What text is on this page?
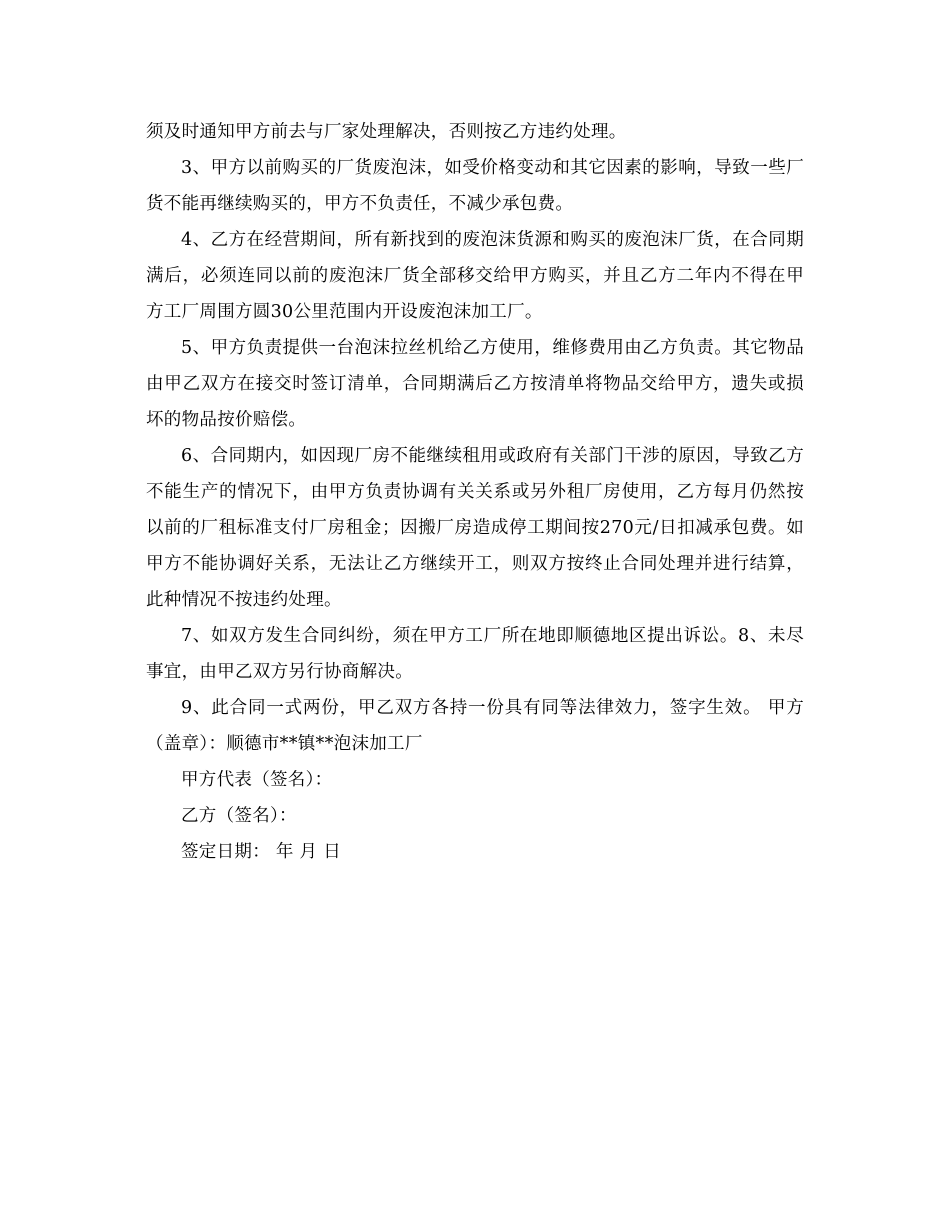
须及时通知甲方前去与厂家处理解决，否则按乙方违约处理。

3、甲方以前购买的厂货废泡沫，如受价格变动和其它因素的影响，导致一些厂货不能再继续购买的，甲方不负责任，不减少承包费。

4、乙方在经营期间，所有新找到的废泡沫货源和购买的废泡沫厂货，在合同期满后，必须连同以前的废泡沫厂货全部移交给甲方购买，并且乙方二年内不得在甲方工厂周围方圆30公里范围内开设废泡沫加工厂。

5、甲方负责提供一台泡沫拉丝机给乙方使用，维修费用由乙方负责。其它物品由甲乙双方在接交时签订清单，合同期满后乙方按清单将物品交给甲方，遗失或损坏的物品按价赔偿。

6、合同期内，如因现厂房不能继续租用或政府有关部门干涉的原因，导致乙方不能生产的情况下，由甲方负责协调有关关系或另外租厂房使用，乙方每月仍然按以前的厂租标准支付厂房租金；因搬厂房造成停工期间按270元/日扣减承包费。如甲方不能协调好关系，无法让乙方继续开工，则双方按终止合同处理并进行结算，此种情况不按违约处理。

7、如双方发生合同纠纷，须在甲方工厂所在地即顺德地区提出诉讼。8、未尽事宜，由甲乙双方另行协商解决。

9、此合同一式两份，甲乙双方各持一份具有同等法律效力，签字生效。 甲方（盖章）：顺德市**镇**泡沫加工厂

甲方代表（签名）：

乙方（签名）：

签定日期： 年 月 日
